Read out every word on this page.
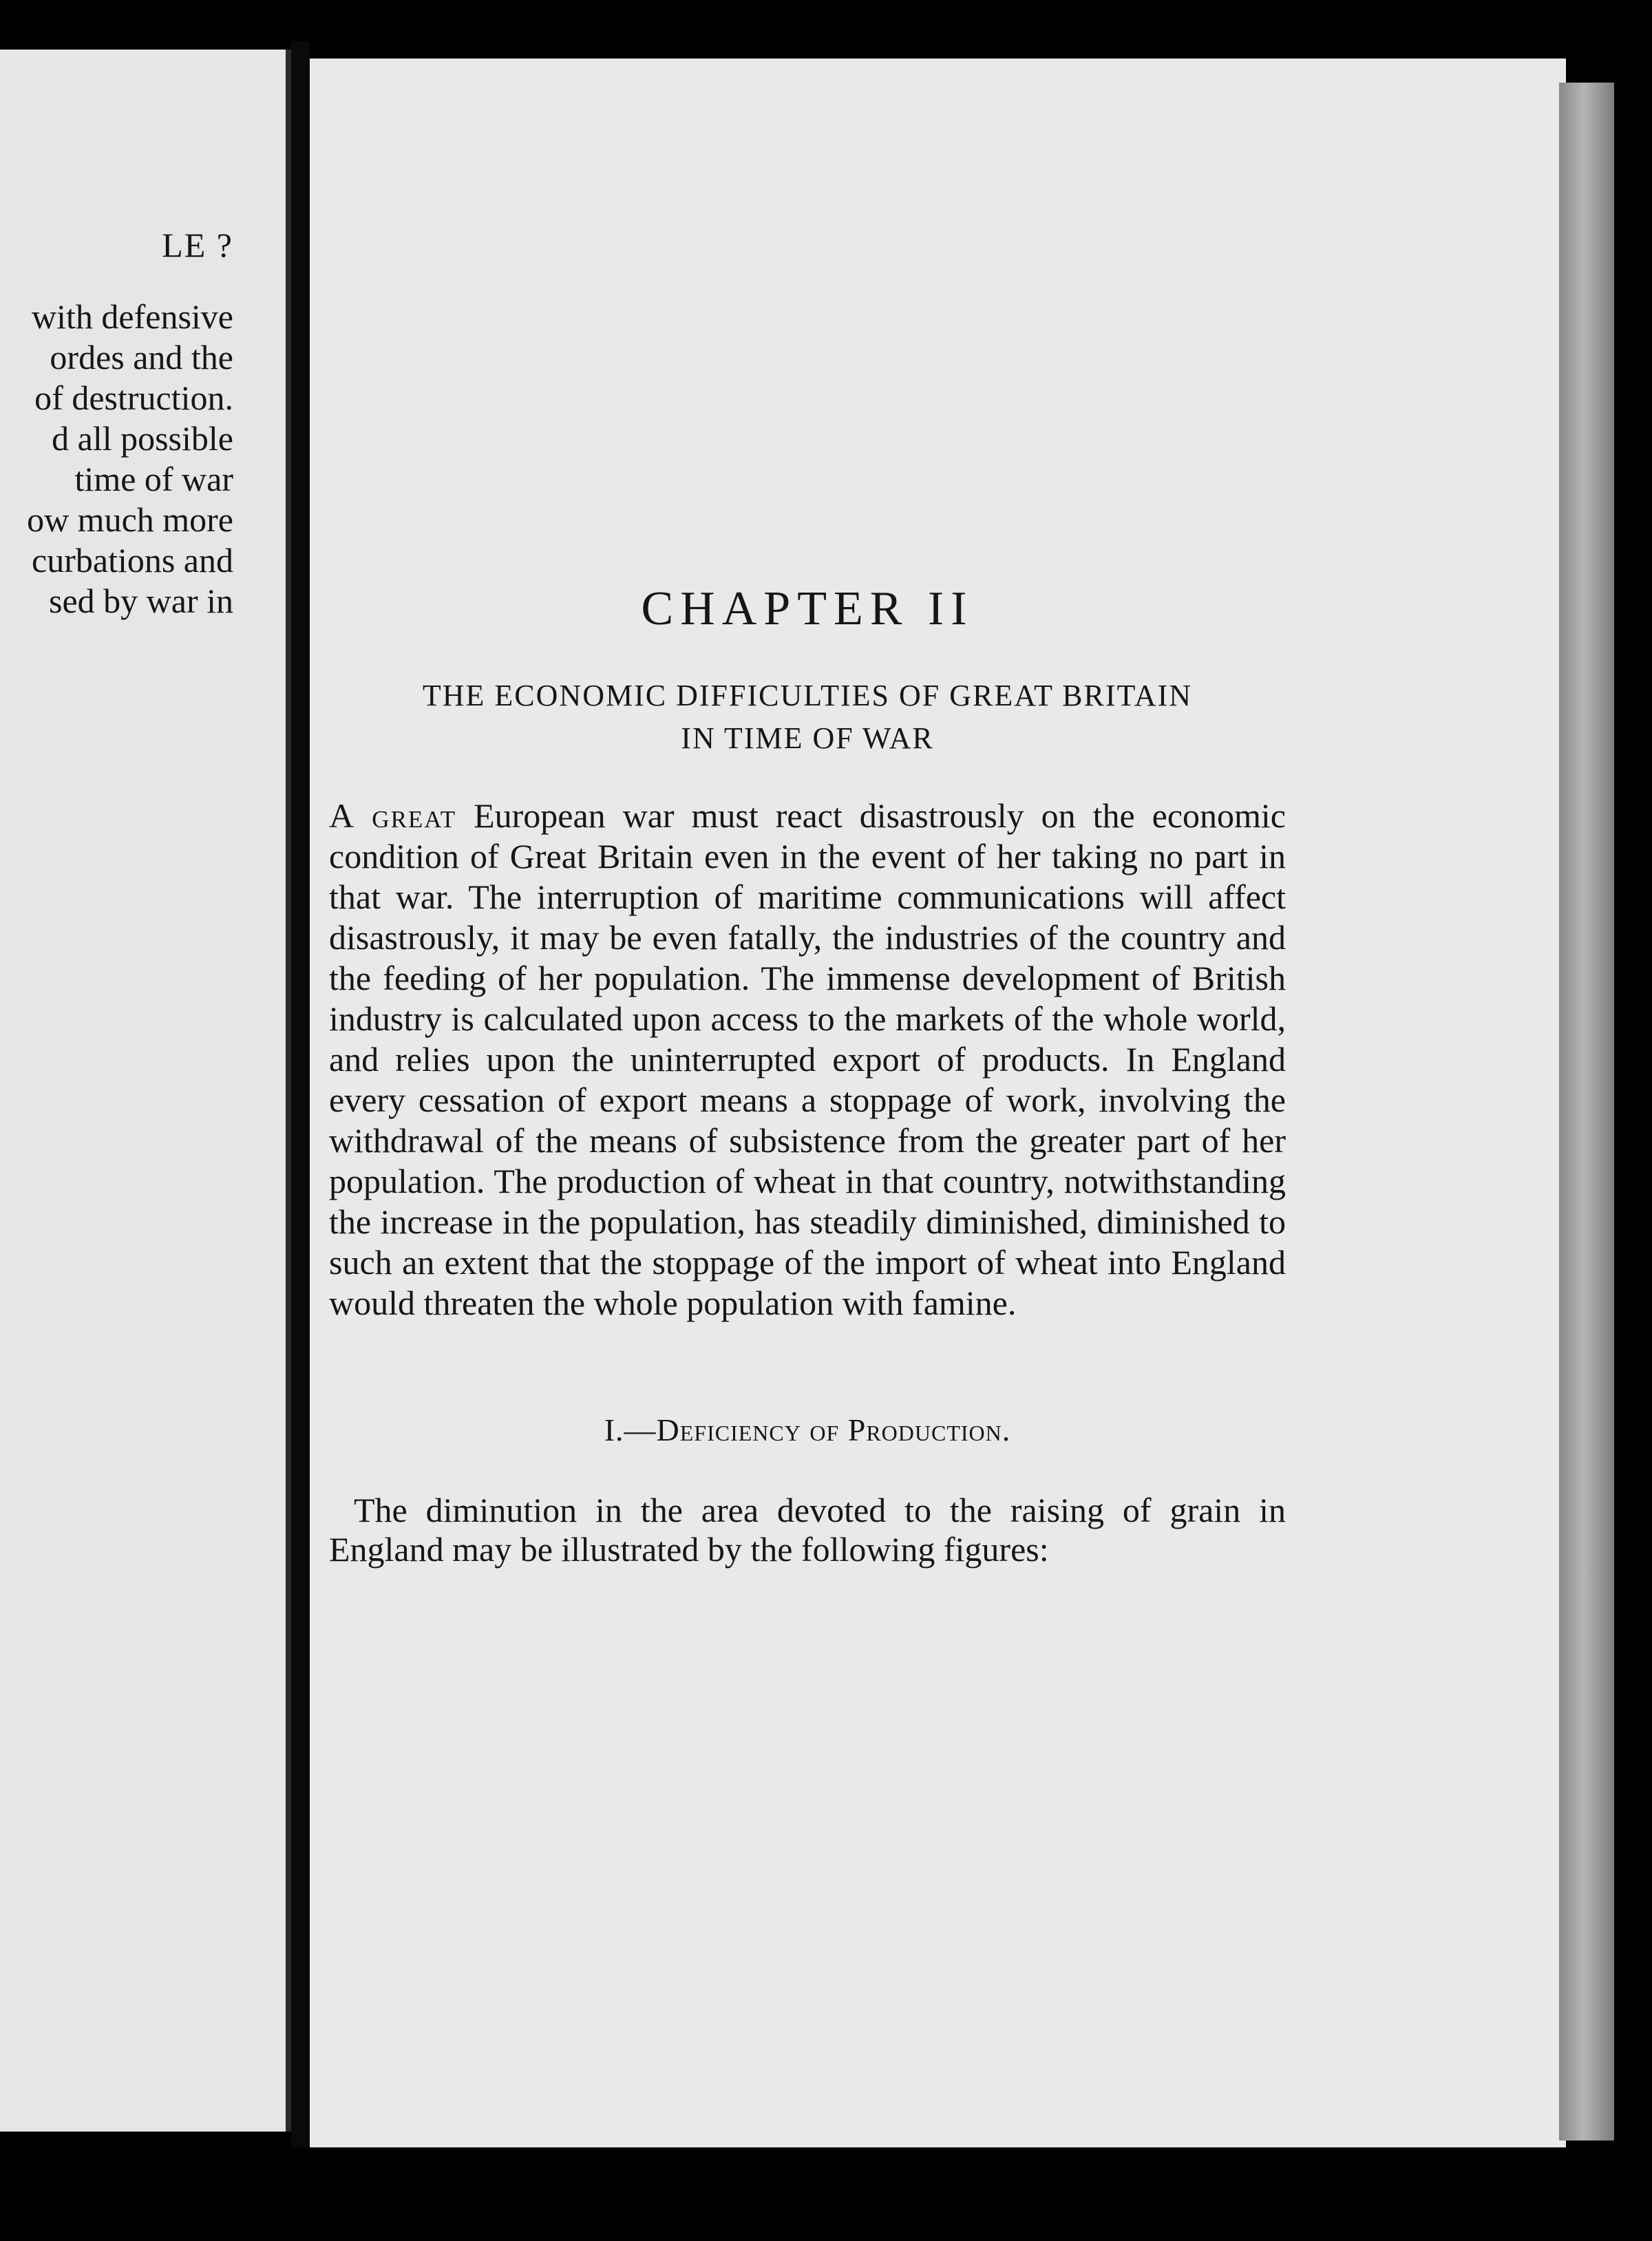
LE ?
with defensive
ordes and the
of destruction.
d all possible
time of war
ow much more
curbations and
sed by war in	CHAPTER II
THE ECONOMIC DIFFICULTIES OF GREAT BRITAIN
IN TIME OF WAR

A great European war must react disastrously on the economic condition of Great Britain even in the event of her taking no part in that war. The interruption of maritime communications will affect disastrously, it may be even fatally, the industries of the country and the feeding of her population. The immense development of British industry is calculated upon access to the markets of the whole world, and relies upon the uninterrupted export of products. In England every cessation of export means a stoppage of work, involving the withdrawal of the means of subsistence from the greater part of her population. The production of wheat in that country, notwithstanding the increase in the population, has steadily diminished, diminished to such an extent that the stoppage of the import of wheat into England would threaten the whole population with famine.

I.—Deficiency of Production.

The diminution in the area devoted to the raising of grain in England may be illustrated by the following figures:
